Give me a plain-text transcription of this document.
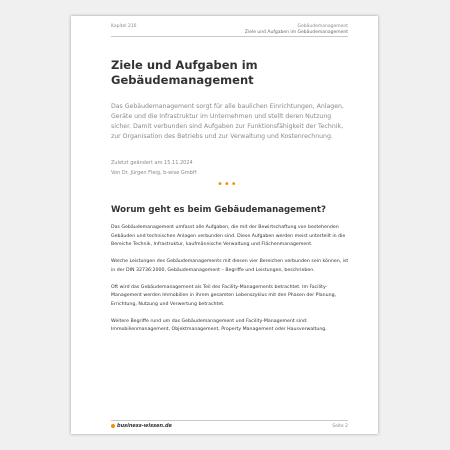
Kapitel 216	Gebäudemanagement
Ziele und Aufgaben im Gebäudemanagement
Ziele und Aufgaben im Gebäudemanagement
Das Gebäudemanagement sorgt für alle baulichen Einrichtungen, Anlagen, Geräte und die Infrastruktur im Unternehmen und stellt deren Nutzung sicher. Damit verbunden sind Aufgaben zur Funktionsfähigkeit der Technik, zur Organisation des Betriebs und zur Verwaltung und Kostenrechnung.
Zuletzt geändert am 15.11.2024
Von Dr. Jürgen Fleig, b-wise GmbH
•••
Worum geht es beim Gebäudemanagement?

Das Gebäudemanagement umfasst alle Aufgaben, die mit der Bewirtschaftung von bestehenden Gebäuden und technischen Anlagen verbunden sind. Diese Aufgaben werden meist unterteilt in die Bereiche Technik, Infrastruktur, kaufmännische Verwaltung und Flächenmanagement.

Welche Leistungen des Gebäudemanagements mit diesen vier Bereichen verbunden sein können, ist in der DIN 32736:2000, Gebäudemanagement – Begriffe und Leistungen, beschrieben.

Oft wird das Gebäudemanagement als Teil des Facility-Managements betrachtet. Im Facility-Management werden Immobilien in ihrem gesamten Lebenszyklus mit den Phasen der Planung, Errichtung, Nutzung und Verwertung betrachtet.

Weitere Begriffe rund um das Gebäudemanagement und Facility-Management sind: Immobilienmanagement, Objektmanagement, Property Management oder Hausverwaltung.

business-wissen.de	Seite 2
